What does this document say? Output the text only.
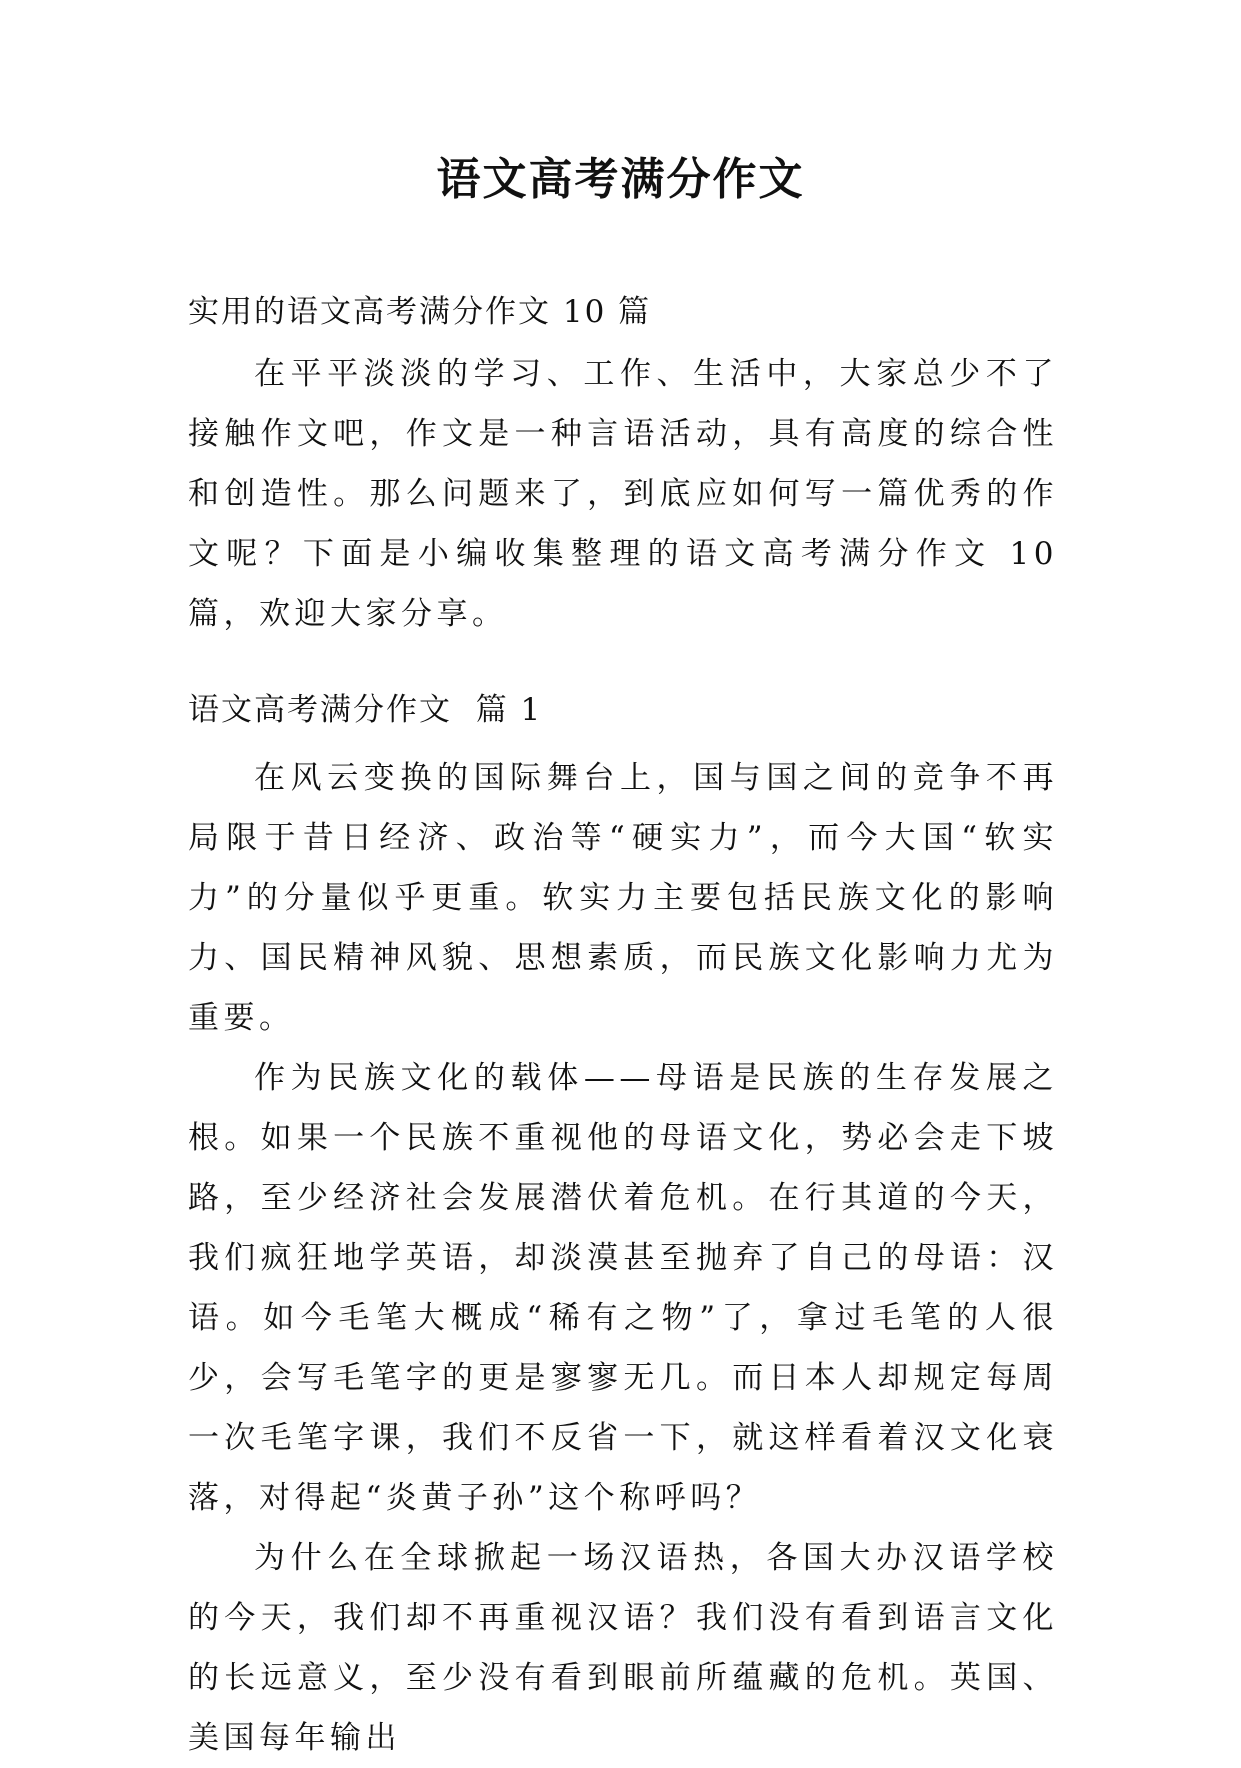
语文高考满分作文
实用的语文高考满分作文 10 篇

在平平淡淡的学习、工作、生活中，大家总少不了接触作文吧，作文是一种言语活动，具有高度的综合性和创造性。那么问题来了，到底应如何写一篇优秀的作文呢？下面是小编收集整理的语文高考满分作文 10 篇，欢迎大家分享。

语文高考满分作文  篇 1

在风云变换的国际舞台上，国与国之间的竞争不再局限于昔日经济、政治等“硬实力”，而今大国“软实力”的分量似乎更重。软实力主要包括民族文化的影响力、国民精神风貌、思想素质，而民族文化影响力尤为重要。

作为民族文化的载体——母语是民族的生存发展之根。如果一个民族不重视他的母语文化，势必会走下坡路，至少经济社会发展潜伏着危机。在行其道的今天，我们疯狂地学英语，却淡漠甚至抛弃了自己的母语：汉语。如今毛笔大概成“稀有之物”了，拿过毛笔的人很少，会写毛笔字的更是寥寥无几。而日本人却规定每周一次毛笔字课，我们不反省一下，就这样看着汉文化衰落，对得起“炎黄子孙”这个称呼吗？

为什么在全球掀起一场汉语热，各国大办汉语学校的今天，我们却不再重视汉语？我们没有看到语言文化的长远意义，至少没有看到眼前所蕴藏的危机。英国、美国每年输出
